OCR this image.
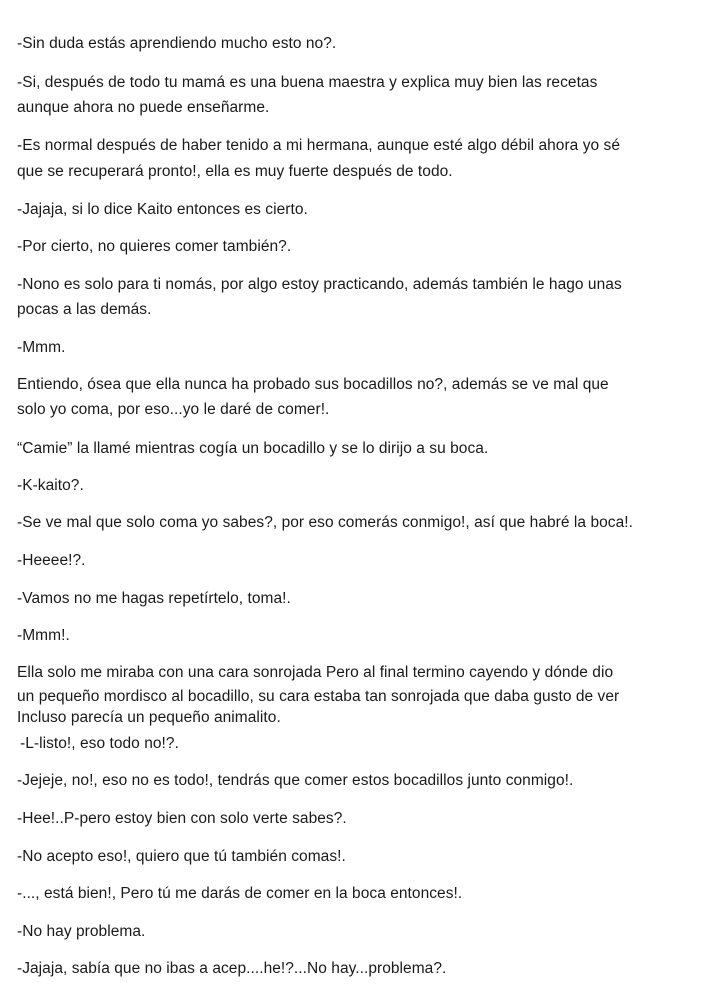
-Sin duda estás aprendiendo mucho esto no?.

-Si, después de todo tu mamá es una buena maestra y explica muy bien las recetas

aunque ahora no puede enseñarme.

-Es normal después de haber tenido a mi hermana, aunque esté algo débil ahora yo sé

que se recuperará pronto!, ella es muy fuerte después de todo.

-Jajaja, si lo dice Kaito entonces es cierto.

-Por cierto, no quieres comer también?.

-Nono es solo para ti nomás, por algo estoy practicando, además también le hago unas

pocas a las demás.

-Mmm.

Entiendo, ósea que ella nunca ha probado sus bocadillos no?, además se ve mal que

solo yo coma, por eso...yo le daré de comer!.

“Camie” la llamé mientras cogía un bocadillo y se lo dirijo a su boca.

-K-kaito?.

-Se ve mal que solo coma yo sabes?, por eso comerás conmigo!, así que habré la boca!.

-Heeee!?.

-Vamos no me hagas repetírtelo, toma!.

-Mmm!.

Ella solo me miraba con una cara sonrojada Pero al final termino cayendo y dónde dio

un pequeño mordisco al bocadillo, su cara estaba tan sonrojada que daba gusto de ver

Incluso parecía un pequeño animalito.

-L-listo!, eso todo no!?.

-Jejeje, no!, eso no es todo!, tendrás que comer estos bocadillos junto conmigo!.

-Hee!..P-pero estoy bien con solo verte sabes?.

-No acepto eso!, quiero que tú también comas!.

-..., está bien!, Pero tú me darás de comer en la boca entonces!.

-No hay problema.

-Jajaja, sabía que no ibas a acep....he!?...No hay...problema?.
